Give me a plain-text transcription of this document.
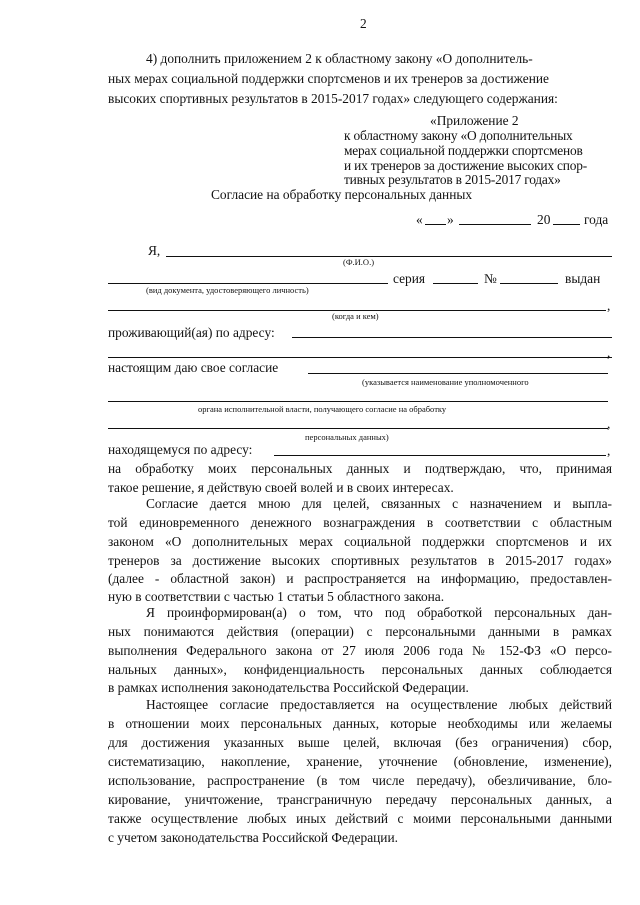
2
4) дополнить приложением 2 к областному закону «О дополнитель-
ных мерах социальной поддержки спортсменов и их тренеров за достижение
высоких спортивных результатов в 2015-2017 годах» следующего содержания:
«Приложение 2
к областному закону «О дополнительных
мерах социальной поддержки спортсменов
и их тренеров за достижение высоких спор-
тивных результатов в 2015-2017 годах»
Согласие на обработку персональных данных
« »	20	года
Я,
(Ф.И.О.)
серия	№	выдан
(вид документа, удостоверяющего личность)
,
(когда и кем)
проживающий(ая) по адресу:
,
настоящим даю свое согласие
(указывается наименование уполномоченного
органа исполнительной власти, получающего согласие на обработку
,
персональных данных)
находящемуся по адресу:	,
на обработку моих персональных данных и подтверждаю, что, принимая
такое решение, я действую своей волей и в своих интересах.
Согласие дается мною для целей, связанных с назначением и выпла-
той единовременного денежного вознаграждения в соответствии с областным
законом «О дополнительных мерах социальной поддержки спортсменов и их
тренеров за достижение высоких спортивных результатов в 2015-2017 годах»
(далее - областной закон) и распространяется на информацию, предоставлен-
ную в соответствии с частью 1 статьи 5 областного закона.
Я проинформирован(а) о том, что под обработкой персональных дан-
ных понимаются действия (операции) с персональными данными в рамках
выполнения Федерального закона от 27 июля 2006 года № 152-ФЗ «О персо-
нальных данных», конфиденциальность персональных данных соблюдается
в рамках исполнения законодательства Российской Федерации.
Настоящее согласие предоставляется на осуществление любых действий
в отношении моих персональных данных, которые необходимы или желаемы
для достижения указанных выше целей, включая (без ограничения) сбор,
систематизацию, накопление, хранение, уточнение (обновление, изменение),
использование, распространение (в том числе передачу), обезличивание, бло-
кирование, уничтожение, трансграничную передачу персональных данных, а
также осуществление любых иных действий с моими персональными данными
с учетом законодательства Российской Федерации.
